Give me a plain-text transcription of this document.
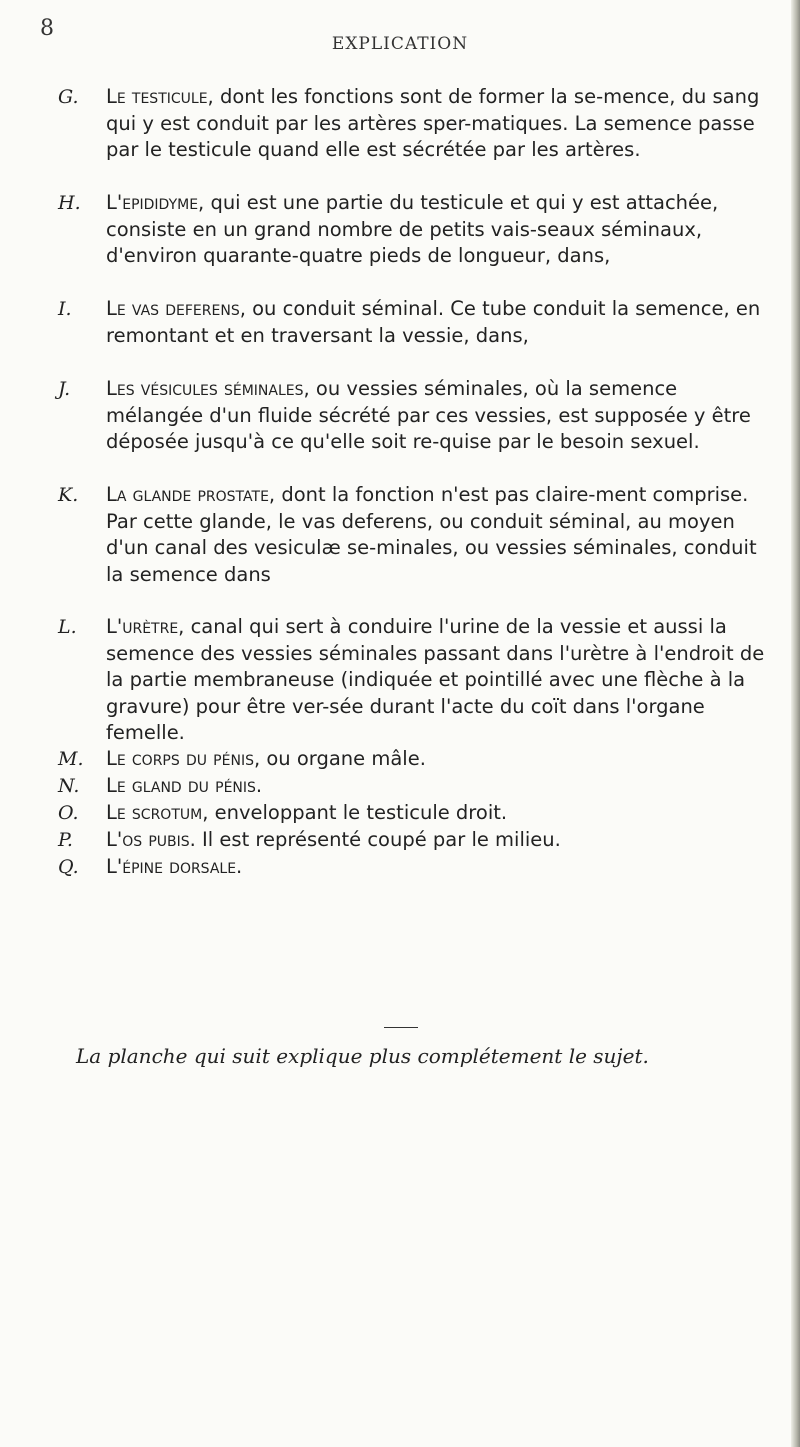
8
EXPLICATION

G. Le testicule, dont les fonctions sont de former la se-mence, du sang qui y est conduit par les artères sper-matiques. La semence passe par le testicule quand elle est sécrétée par les artères.

H. L'epididyme, qui est une partie du testicule et qui y est attachée, consiste en un grand nombre de petits vais-seaux séminaux, d'environ quarante-quatre pieds de longueur, dans,

I. Le vas deferens, ou conduit séminal. Ce tube conduit la semence, en remontant et en traversant la vessie, dans,

J. Les vésicules séminales, ou vessies séminales, où la semence mélangée d'un fluide sécrété par ces vessies, est supposée y être déposée jusqu'à ce qu'elle soit re-quise par le besoin sexuel.

K. La glande prostate, dont la fonction n'est pas claire-ment comprise. Par cette glande, le vas deferens, ou conduit séminal, au moyen d'un canal des vesiculæ se-minales, ou vessies séminales, conduit la semence dans

L. L'urètre, canal qui sert à conduire l'urine de la vessie et aussi la semence des vessies séminales passant dans l'urètre à l'endroit de la partie membraneuse (indiquée et pointillé avec une flèche à la gravure) pour être ver-sée durant l'acte du coït dans l'organe femelle.

M. Le corps du pénis, ou organe mâle.

N. Le gland du pénis.

O. Le scrotum, enveloppant le testicule droit.

P. L'os pubis. Il est représenté coupé par le milieu.

Q. L'épine dorsale.

La planche qui suit explique plus complétement le sujet.
